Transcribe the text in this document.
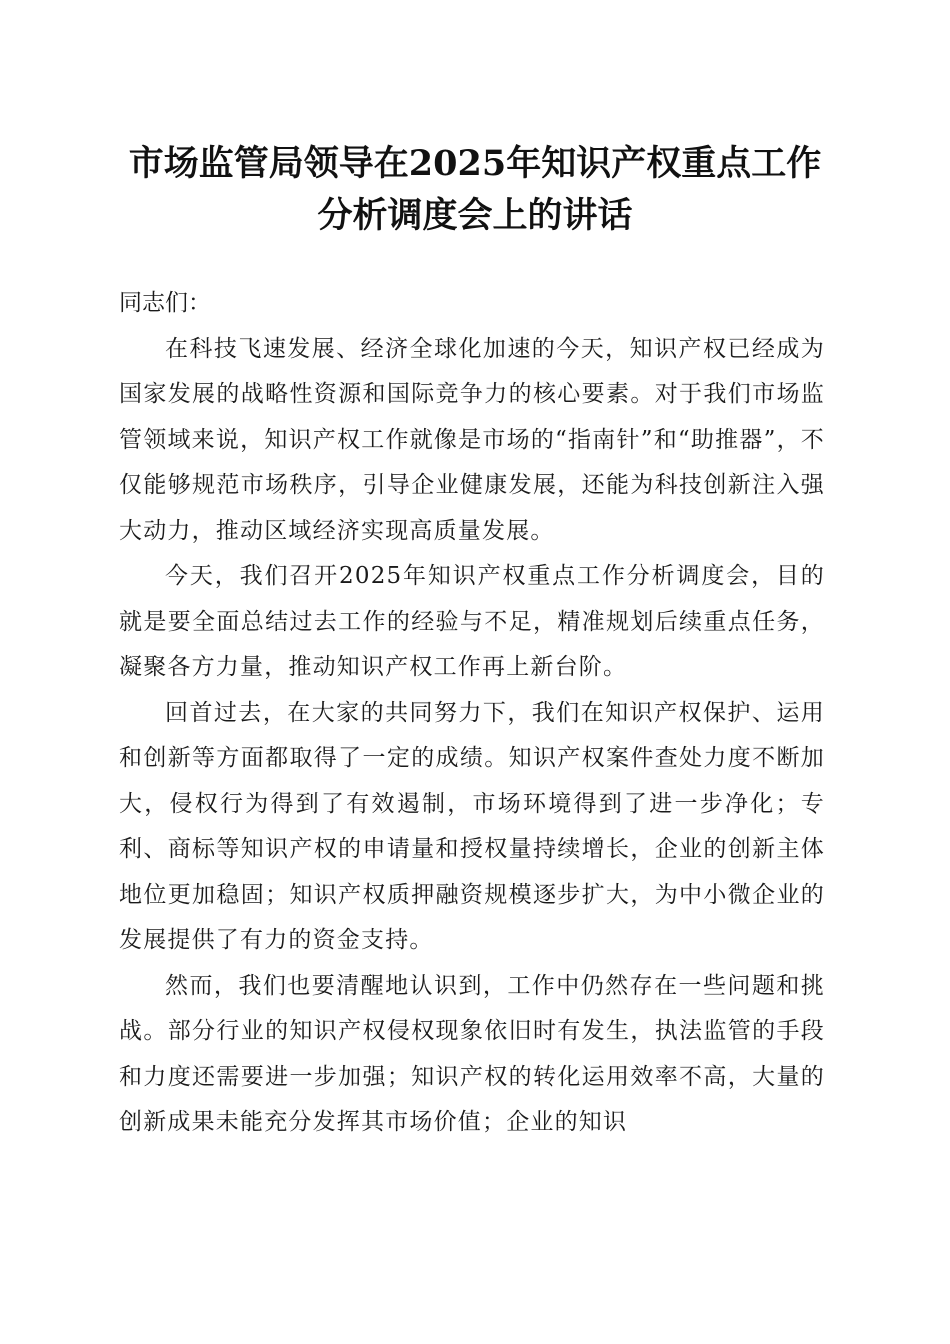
市场监管局领导在2025年知识产权重点工作
分析调度会上的讲话

同志们：

在科技飞速发展、经济全球化加速的今天，知识产权已经成为国家发展的战略性资源和国际竞争力的核心要素。对于我们市场监管领域来说，知识产权工作就像是市场的“指南针”和“助推器”，不仅能够规范市场秩序，引导企业健康发展，还能为科技创新注入强大动力，推动区域经济实现高质量发展。

今天，我们召开2025年知识产权重点工作分析调度会，目的就是要全面总结过去工作的经验与不足，精准规划后续重点任务，凝聚各方力量，推动知识产权工作再上新台阶。

回首过去，在大家的共同努力下，我们在知识产权保护、运用和创新等方面都取得了一定的成绩。知识产权案件查处力度不断加大，侵权行为得到了有效遏制，市场环境得到了进一步净化；专利、商标等知识产权的申请量和授权量持续增长，企业的创新主体地位更加稳固；知识产权质押融资规模逐步扩大，为中小微企业的发展提供了有力的资金支持。

然而，我们也要清醒地认识到，工作中仍然存在一些问题和挑战。部分行业的知识产权侵权现象依旧时有发生，执法监管的手段和力度还需要进一步加强；知识产权的转化运用效率不高，大量的创新成果未能充分发挥其市场价值；企业的知识
